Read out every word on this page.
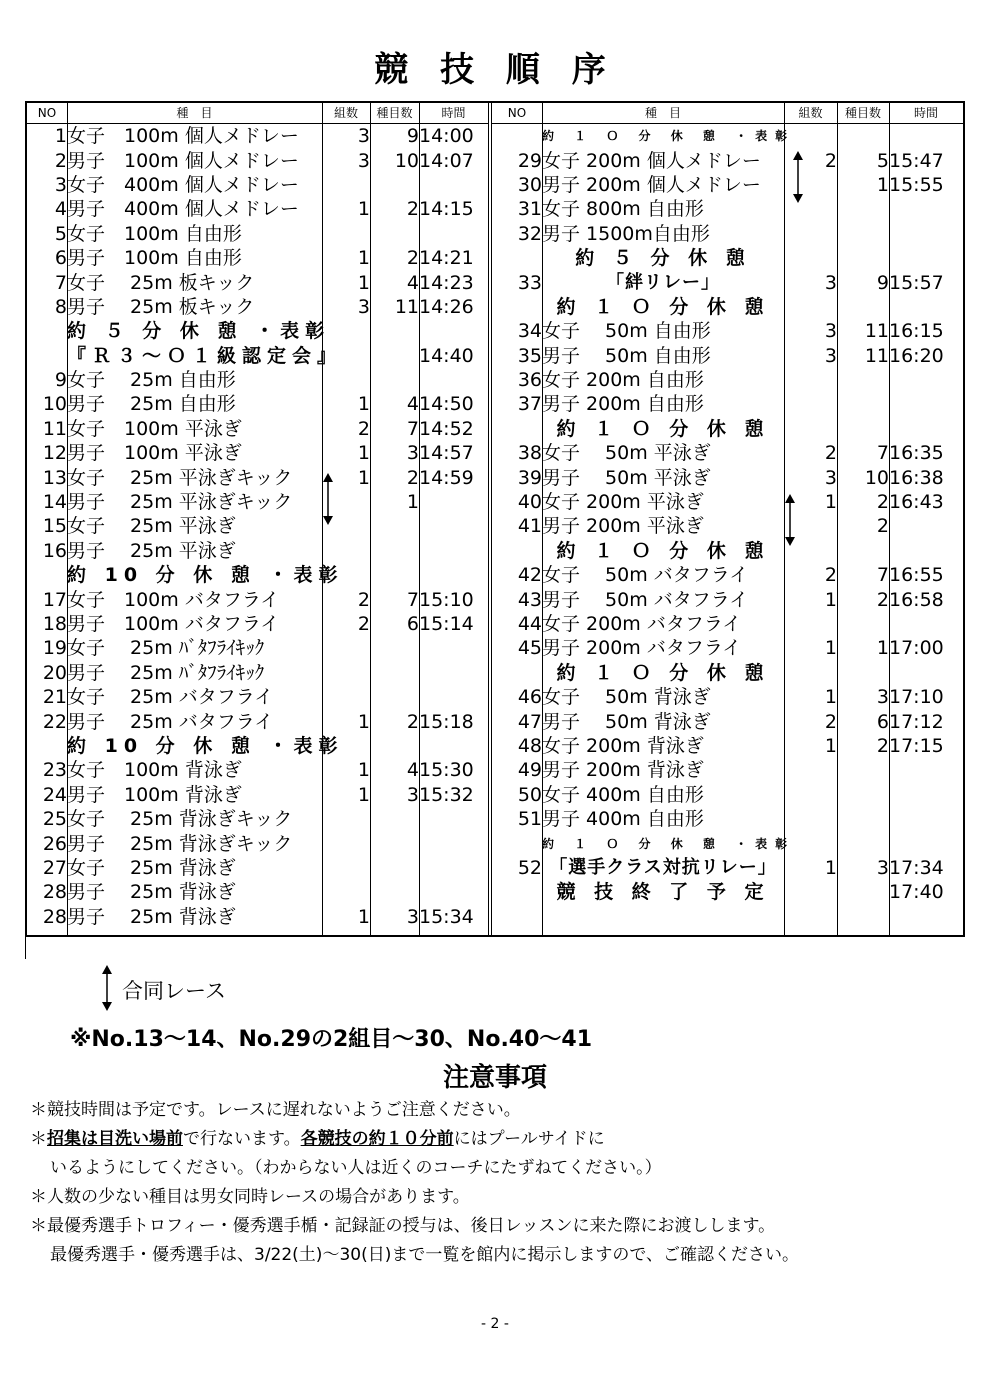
競 技 順 序
NO	種　目	組数	種目数	時間
1	女子　100m 個人メドレー	3	9	14:00
2	男子　100m 個人メドレー	3	10	14:07
3	女子　400m 個人メドレー			
4	男子　400m 個人メドレー	1	2	14:15
5	女子　100m 自由形			
6	男子　100m 自由形	1	2	14:21
7	女子　 25m 板キック	1	4	14:23
8	男子　 25m 板キック	3	11	14:26
	約 ５ 分 休 憩 ・表彰			
	『Ｒ３～Ｏ１級認定会』			14:40
9	女子　 25m 自由形			
10	男子　 25m 自由形	1	4	14:50
11	女子　100m 平泳ぎ	2	7	14:52
12	男子　100m 平泳ぎ	1	3	14:57
13	女子　 25m 平泳ぎキック	1	2	14:59
14	男子　 25m 平泳ぎキック		1	
15	女子　 25m 平泳ぎ			
16	男子　 25m 平泳ぎ			
	約 10 分 休 憩 ・表彰			
17	女子　100m バタフライ	2	7	15:10
18	男子　100m バタフライ	2	6	15:14
19	女子　 25m ﾊﾞﾀﾌﾗｲｷｯｸ			
20	男子　 25m ﾊﾞﾀﾌﾗｲｷｯｸ			
21	女子　 25m バタフライ			
22	男子　 25m バタフライ	1	2	15:18
	約 10 分 休 憩 ・表彰			
23	女子　100m 背泳ぎ	1	4	15:30
24	男子　100m 背泳ぎ	1	3	15:32
25	女子　 25m 背泳ぎキック			
26	男子　 25m 背泳ぎキック			
27	女子　 25m 背泳ぎ			
28	男子　 25m 背泳ぎ			
28	男子　 25m 背泳ぎ	1	3	15:34
NO	種　目	組数	種目数	時間
	約 １ Ｏ 分 休 憩 ・表彰			
29	女子 200m 個人メドレー	2	5	15:47
30	男子 200m 個人メドレー		1	15:55
31	女子 800m 自由形			
32	男子 1500m自由形			
	約 ５ 分 休 憩			
33	「絆リレー」	3	9	15:57
	約 １ Ｏ 分 休 憩			
34	女子　 50m 自由形	3	11	16:15
35	男子　 50m 自由形	3	11	16:20
36	女子 200m 自由形			
37	男子 200m 自由形			
	約 １ Ｏ 分 休 憩			
38	女子　 50m 平泳ぎ	2	7	16:35
39	男子　 50m 平泳ぎ	3	10	16:38
40	女子 200m 平泳ぎ	1	2	16:43
41	男子 200m 平泳ぎ		2	
	約 １ Ｏ 分 休 憩			
42	女子　 50m バタフライ	2	7	16:55
43	男子　 50m バタフライ	1	2	16:58
44	女子 200m バタフライ			
45	男子 200m バタフライ	1	1	17:00
	約 １ Ｏ 分 休 憩			
46	女子　 50m 背泳ぎ	1	3	17:10
47	男子　 50m 背泳ぎ	2	6	17:12
48	女子 200m 背泳ぎ	1	2	17:15
49	男子 200m 背泳ぎ			
50	女子 400m 自由形			
51	男子 400m 自由形			
	約 １ Ｏ 分 休 憩 ・表彰			
52	「選手クラス対抗リレー」	1	3	17:34
	競 技 終 了 予 定			17:40
合同レース
※No.13～14、No.29の2組目～30、No.40～41
注意事項
＊競技時間は予定です。レースに遅れないようご注意ください。
＊招集は目洗い場前で行ないます。各競技の約１０分前にはプールサイドに
いるようにしてください。（わからない人は近くのコーチにたずねてください。）
＊人数の少ない種目は男女同時レースの場合があります。
＊最優秀選手トロフィー・優秀選手楯・記録証の授与は、後日レッスンに来た際にお渡しします。
最優秀選手・優秀選手は、3/22(土)～30(日)まで一覧を館内に掲示しますので、ご確認ください。
- 2 -
